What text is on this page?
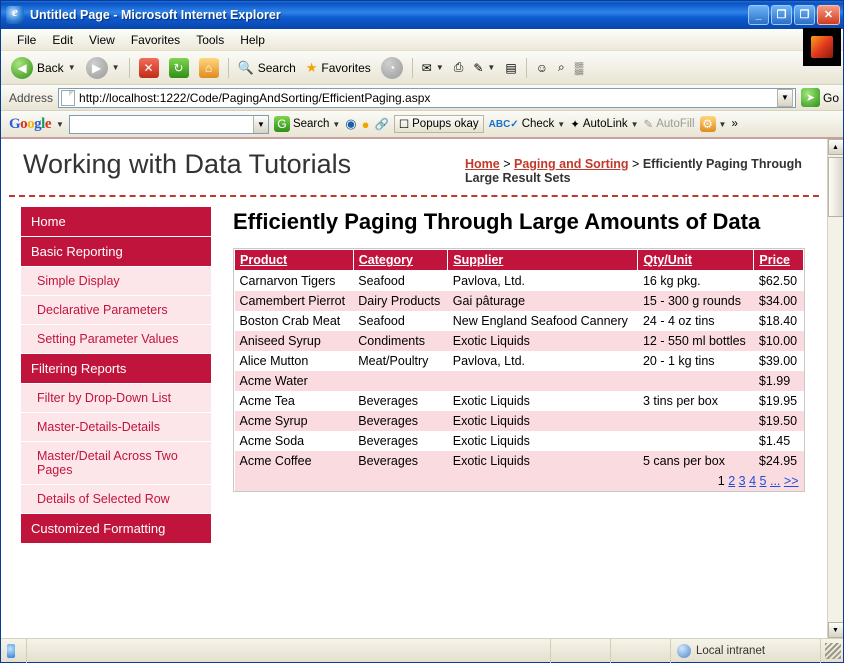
e
Untitled Page - Microsoft Internet Explorer	_	❐	❐	✕
File	Edit	View	Favorites	Tools	Help
◀ Back ▼	▶	▼	✕	↻	⌂	🔍 Search ★ Favorites	◔	✉ ▼ ⎙ ✎ ▼ ▤ ☺ ⌕ ▒
Address http://localhost:1222/Code/PagingAndSorting/EfficientPaging.aspx	▼	➤ Go
Google ▼	▼ G Search ▼ ◉ ● 🔗 ☐ Popups okay ABC✓ Check ▼ ✦ AutoLink ▼ ✎ AutoFill ⚙ ▼ »
Working with Data Tutorials	Home > Paging and Sorting > Efficiently Paging Through Large Result Sets
Home
Basic Reporting
Simple Display
Declarative Parameters
Setting Parameter Values
Filtering Reports
Filter by Drop-Down List
Master-Details-Details
Master/Detail Across Two Pages
Details of Selected Row
Customized Formatting
Efficiently Paging Through Large Amounts of Data
Product	Category	Supplier	Qty/Unit	Price
Carnarvon Tigers	Seafood	Pavlova, Ltd.	16 kg pkg.	$62.50
Camembert Pierrot	Dairy Products	Gai pâturage	15 - 300 g rounds	$34.00
Boston Crab Meat	Seafood	New England Seafood Cannery	24 - 4 oz tins	$18.40
Aniseed Syrup	Condiments	Exotic Liquids	12 - 550 ml bottles	$10.00
Alice Mutton	Meat/Poultry	Pavlova, Ltd.	20 - 1 kg tins	$39.00
Acme Water				$1.99
Acme Tea	Beverages	Exotic Liquids	3 tins per box	$19.95
Acme Syrup	Beverages	Exotic Liquids		$19.50
Acme Soda	Beverages	Exotic Liquids		$1.45
Acme Coffee	Beverages	Exotic Liquids	5 cans per box	$24.95
1 2 3 4 5 ... >>				
▲
▼
Local intranet
